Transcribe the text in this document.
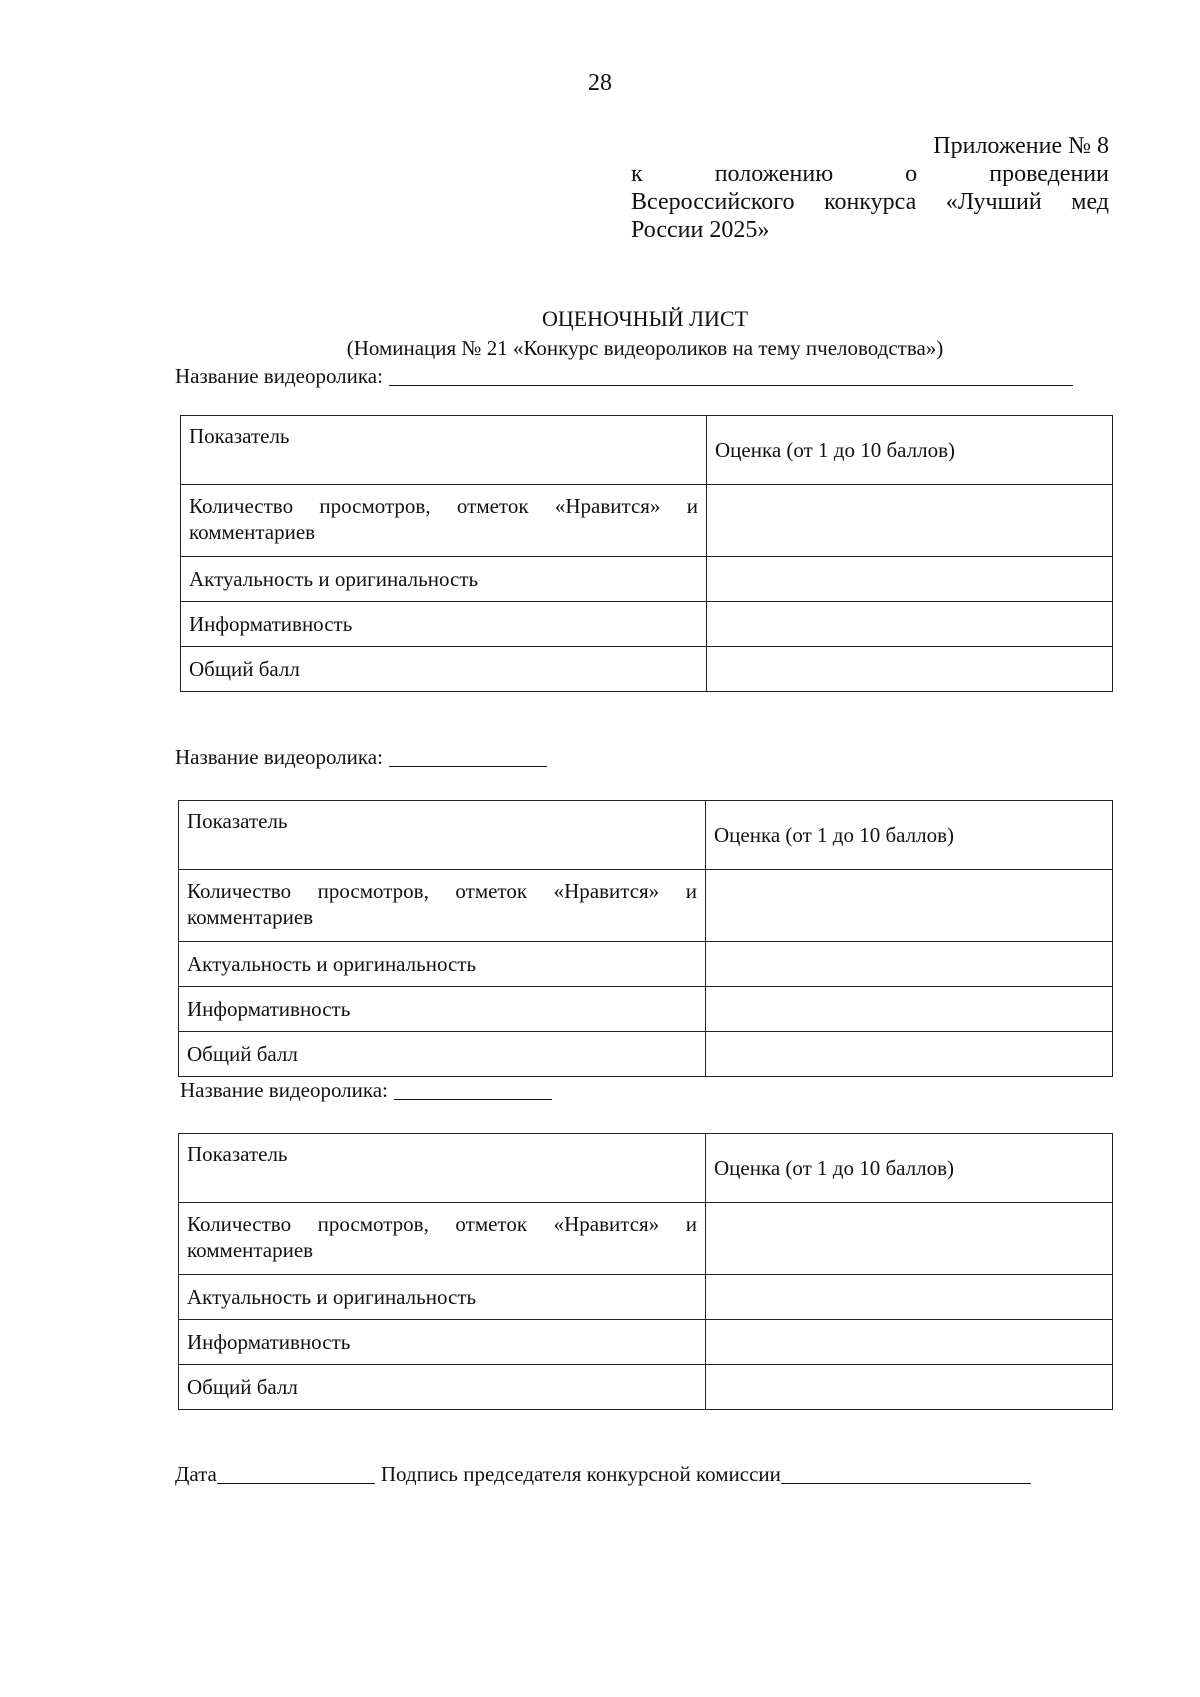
28
Приложение № 8
к положению о проведении
Всероссийского конкурса «Лучший мед
России 2025»
ОЦЕНОЧНЫЙ ЛИСТ
(Номинация № 21 «Конкурс видеороликов на тему пчеловодства»)
Название видеоролика:
Показатель	Оценка (от 1 до 10 баллов)
Количество просмотров, отметок «Нравится» и комментариев	
Актуальность и оригинальность	
Информативность	
Общий балл	
Название видеоролика:
Показатель	Оценка (от 1 до 10 баллов)
Количество просмотров, отметок «Нравится» и комментариев	
Актуальность и оригинальность	
Информативность	
Общий балл	
Название видеоролика:
Показатель	Оценка (от 1 до 10 баллов)
Количество просмотров, отметок «Нравится» и комментариев	
Актуальность и оригинальность	
Информативность	
Общий балл	
Дата	Подпись председателя конкурсной комиссии
